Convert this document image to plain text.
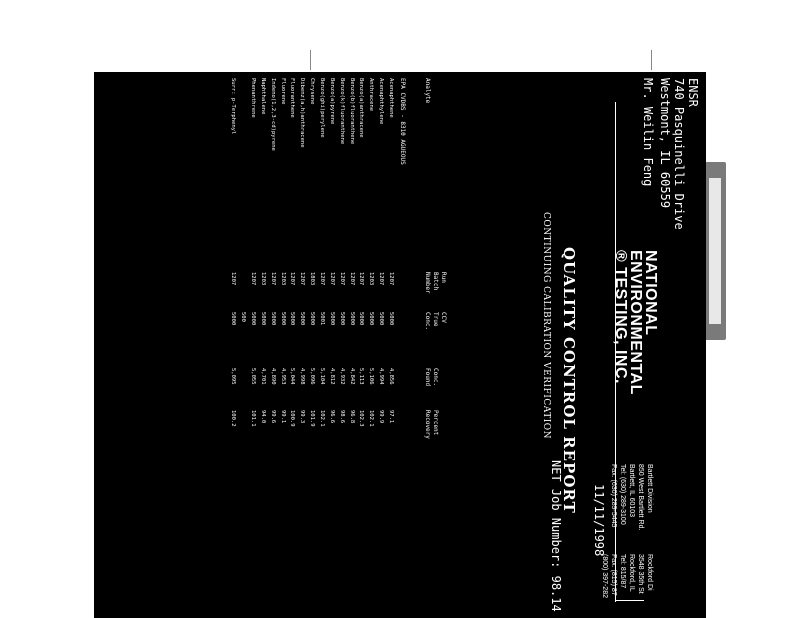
ENSR
740 Pasquinelli Drive
Westmont, IL 60559
Mr. Weilin Feng
NATIONAL
ENVIRONMENTAL
® TESTING, INC.
Bartlett Division
850 West Bartlett Rd.
Bartlett, IL 60103
Tel: (630) 289-3100
Fax: (630) 289-5445
Rockford Di
3548 35th St
Rockford, IL
Tel: 815/87
Fax: (815) 87
(800) 397-282
QUALITY CONTROL REPORT
CONTINUING CALIBRATION VERIFICATION
11/11/1998
NET Job Number: 98.14
Analyte
Run
Batch
Number
CCV
True
Conc.
Conc.
Found
Percent
Recovery
EPA CVDBS - 8310 AGUEOUS
Acenaphthene
1207
5000
4,856
97.1
Acenaphthylene
1207
5000
4,994
99.9
Anthracene
1203
5000
5,106
102.1
Benzo(a)anthracene
1207
5000
5,113
102.3
Benzo(b)fluoranthene
1207
5000
4,842
96.8
Benzo(k)fluoranthene
1207
5000
4,932
98.6
Benzo(a)pyrene
1207
5000
4,812
96.6
Benzo(ghi)perylene
1207
5001
5,104
102.1
Chrysene
1803
5000
5,096
101.9
Dibenz(a,h)anthracene
1207
5000
4,998
99.3
Fluoranthene
1207
5000
5,044
100.9
Fluorene
1203
5000
4,953
99.1
Indeno(1,2,3-cd)pyrene
1207
5000
4,890
99.6
Naphthalene
1203
5000
4,701
94.0
Phenanthrene
1207
5000
5,055
101.1
500
Surr: p-Terphenyl
1207
5000
5,095
100.2
